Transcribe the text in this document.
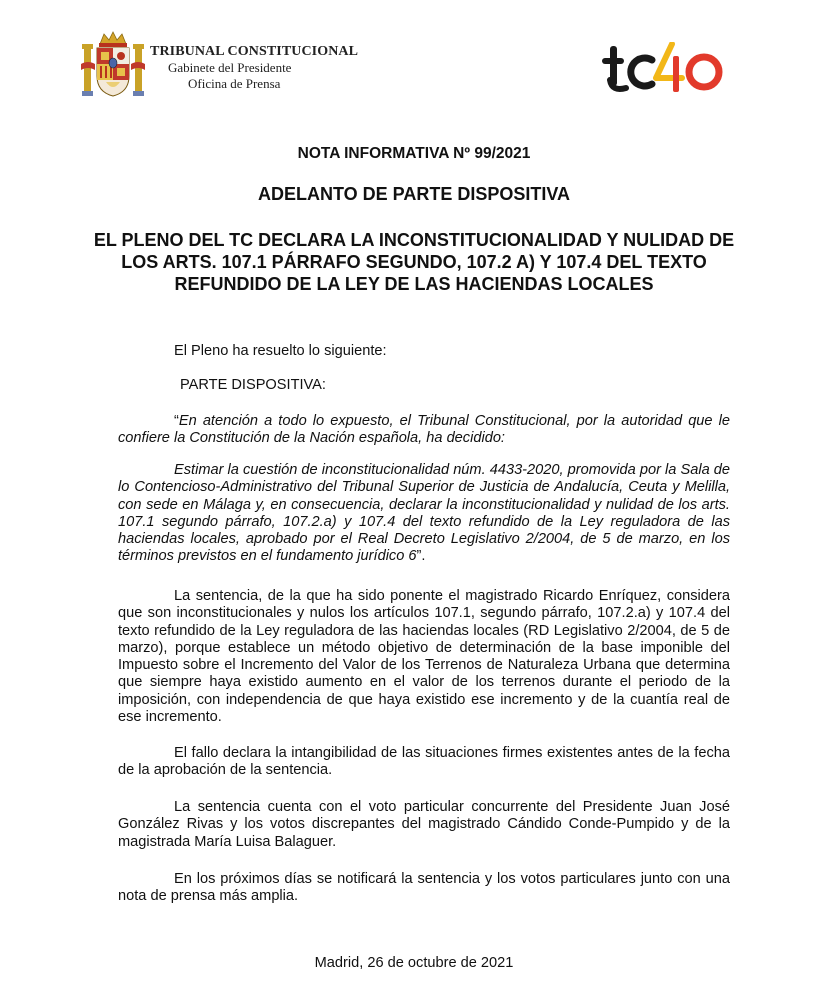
TRIBUNAL CONSTITUCIONAL
Gabinete del Presidente
Oficina de Prensa
NOTA INFORMATIVA Nº 99/2021
ADELANTO DE PARTE DISPOSITIVA
EL PLENO DEL TC DECLARA LA INCONSTITUCIONALIDAD Y NULIDAD DE LOS ARTS. 107.1 PÁRRAFO SEGUNDO, 107.2 A) Y 107.4 DEL TEXTO REFUNDIDO DE LA LEY DE LAS HACIENDAS LOCALES
El Pleno ha resuelto lo siguiente:
PARTE DISPOSITIVA:
“En atención a todo lo expuesto, el Tribunal Constitucional, por la autoridad que le confiere la Constitución de la Nación española, ha decidido:
Estimar la cuestión de inconstitucionalidad núm. 4433-2020, promovida por la Sala de lo Contencioso-Administrativo del Tribunal Superior de Justicia de Andalucía, Ceuta y Melilla, con sede en Málaga y, en consecuencia, declarar la inconstitucionalidad y nulidad de los arts. 107.1 segundo párrafo, 107.2.a) y 107.4 del texto refundido de la Ley reguladora de las haciendas locales, aprobado por el Real Decreto Legislativo 2/2004, de 5 de marzo, en los términos previstos en el fundamento jurídico 6”.
La sentencia, de la que ha sido ponente el magistrado Ricardo Enríquez, considera que son inconstitucionales y nulos los artículos 107.1, segundo párrafo, 107.2.a) y 107.4 del texto refundido de la Ley reguladora de las haciendas locales (RD Legislativo 2/2004, de 5 de marzo), porque establece un método objetivo de determinación de la base imponible del Impuesto sobre el Incremento del Valor de los Terrenos de Naturaleza Urbana que determina que siempre haya existido aumento en el valor de los terrenos durante el periodo de la imposición, con independencia de que haya existido ese incremento y de la cuantía real de ese incremento.
El fallo declara la intangibilidad de las situaciones firmes existentes antes de la fecha de la aprobación de la sentencia.
La sentencia cuenta con el voto particular concurrente del Presidente Juan José González Rivas y los votos discrepantes del magistrado Cándido Conde-Pumpido y de la magistrada María Luisa Balaguer.
En los próximos días se notificará la sentencia y los votos particulares junto con una nota de prensa más amplia.
Madrid, 26 de octubre de 2021
